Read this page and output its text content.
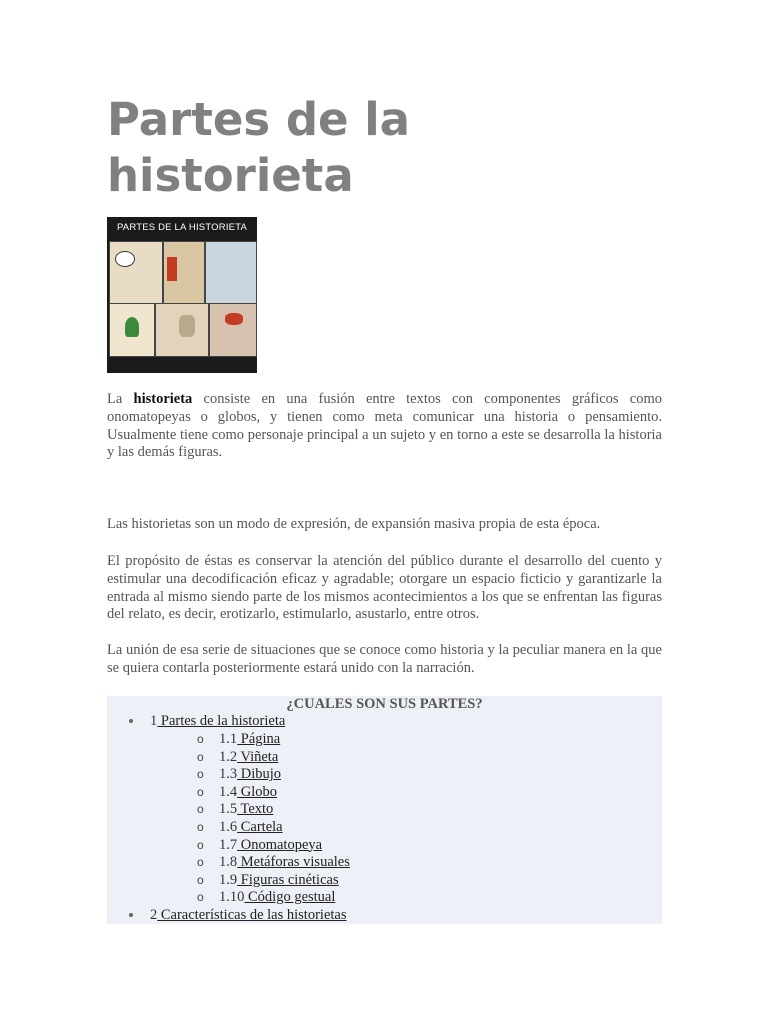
Partes de la historieta
PARTES DE LA HISTORIETA

La historieta consiste en una fusión entre textos con componentes gráficos como onomatopeyas o globos, y tienen como meta comunicar una historia o pensamiento. Usualmente tiene como personaje principal a un sujeto y en torno a este se desarrolla la historia y las demás figuras.

Las historietas son un modo de expresión, de expansión masiva propia de esta época.

El propósito de éstas es conservar la atención del público durante el desarrollo del cuento y estimular una decodificación eficaz y agradable; otorgare un espacio ficticio y garantizarle la entrada al mismo siendo parte de los mismos acontecimientos a los que se enfrentan las figuras del relato, es decir, erotizarlo, estimularlo, asustarlo, entre otros.

La unión de esa serie de situaciones que se conoce como historia y la peculiar manera en la que se quiera contarla posteriormente estará unido con la narración.

¿CUALES SON SUS PARTES?
1 Partes de la historieta
o 1.1 Página
o 1.2 Viñeta
o 1.3 Dibujo
o 1.4 Globo
o 1.5 Texto
o 1.6 Cartela
o 1.7 Onomatopeya
o 1.8 Metáforas visuales
o 1.9 Figuras cinéticas
o 1.10 Código gestual
2 Características de las historietas
